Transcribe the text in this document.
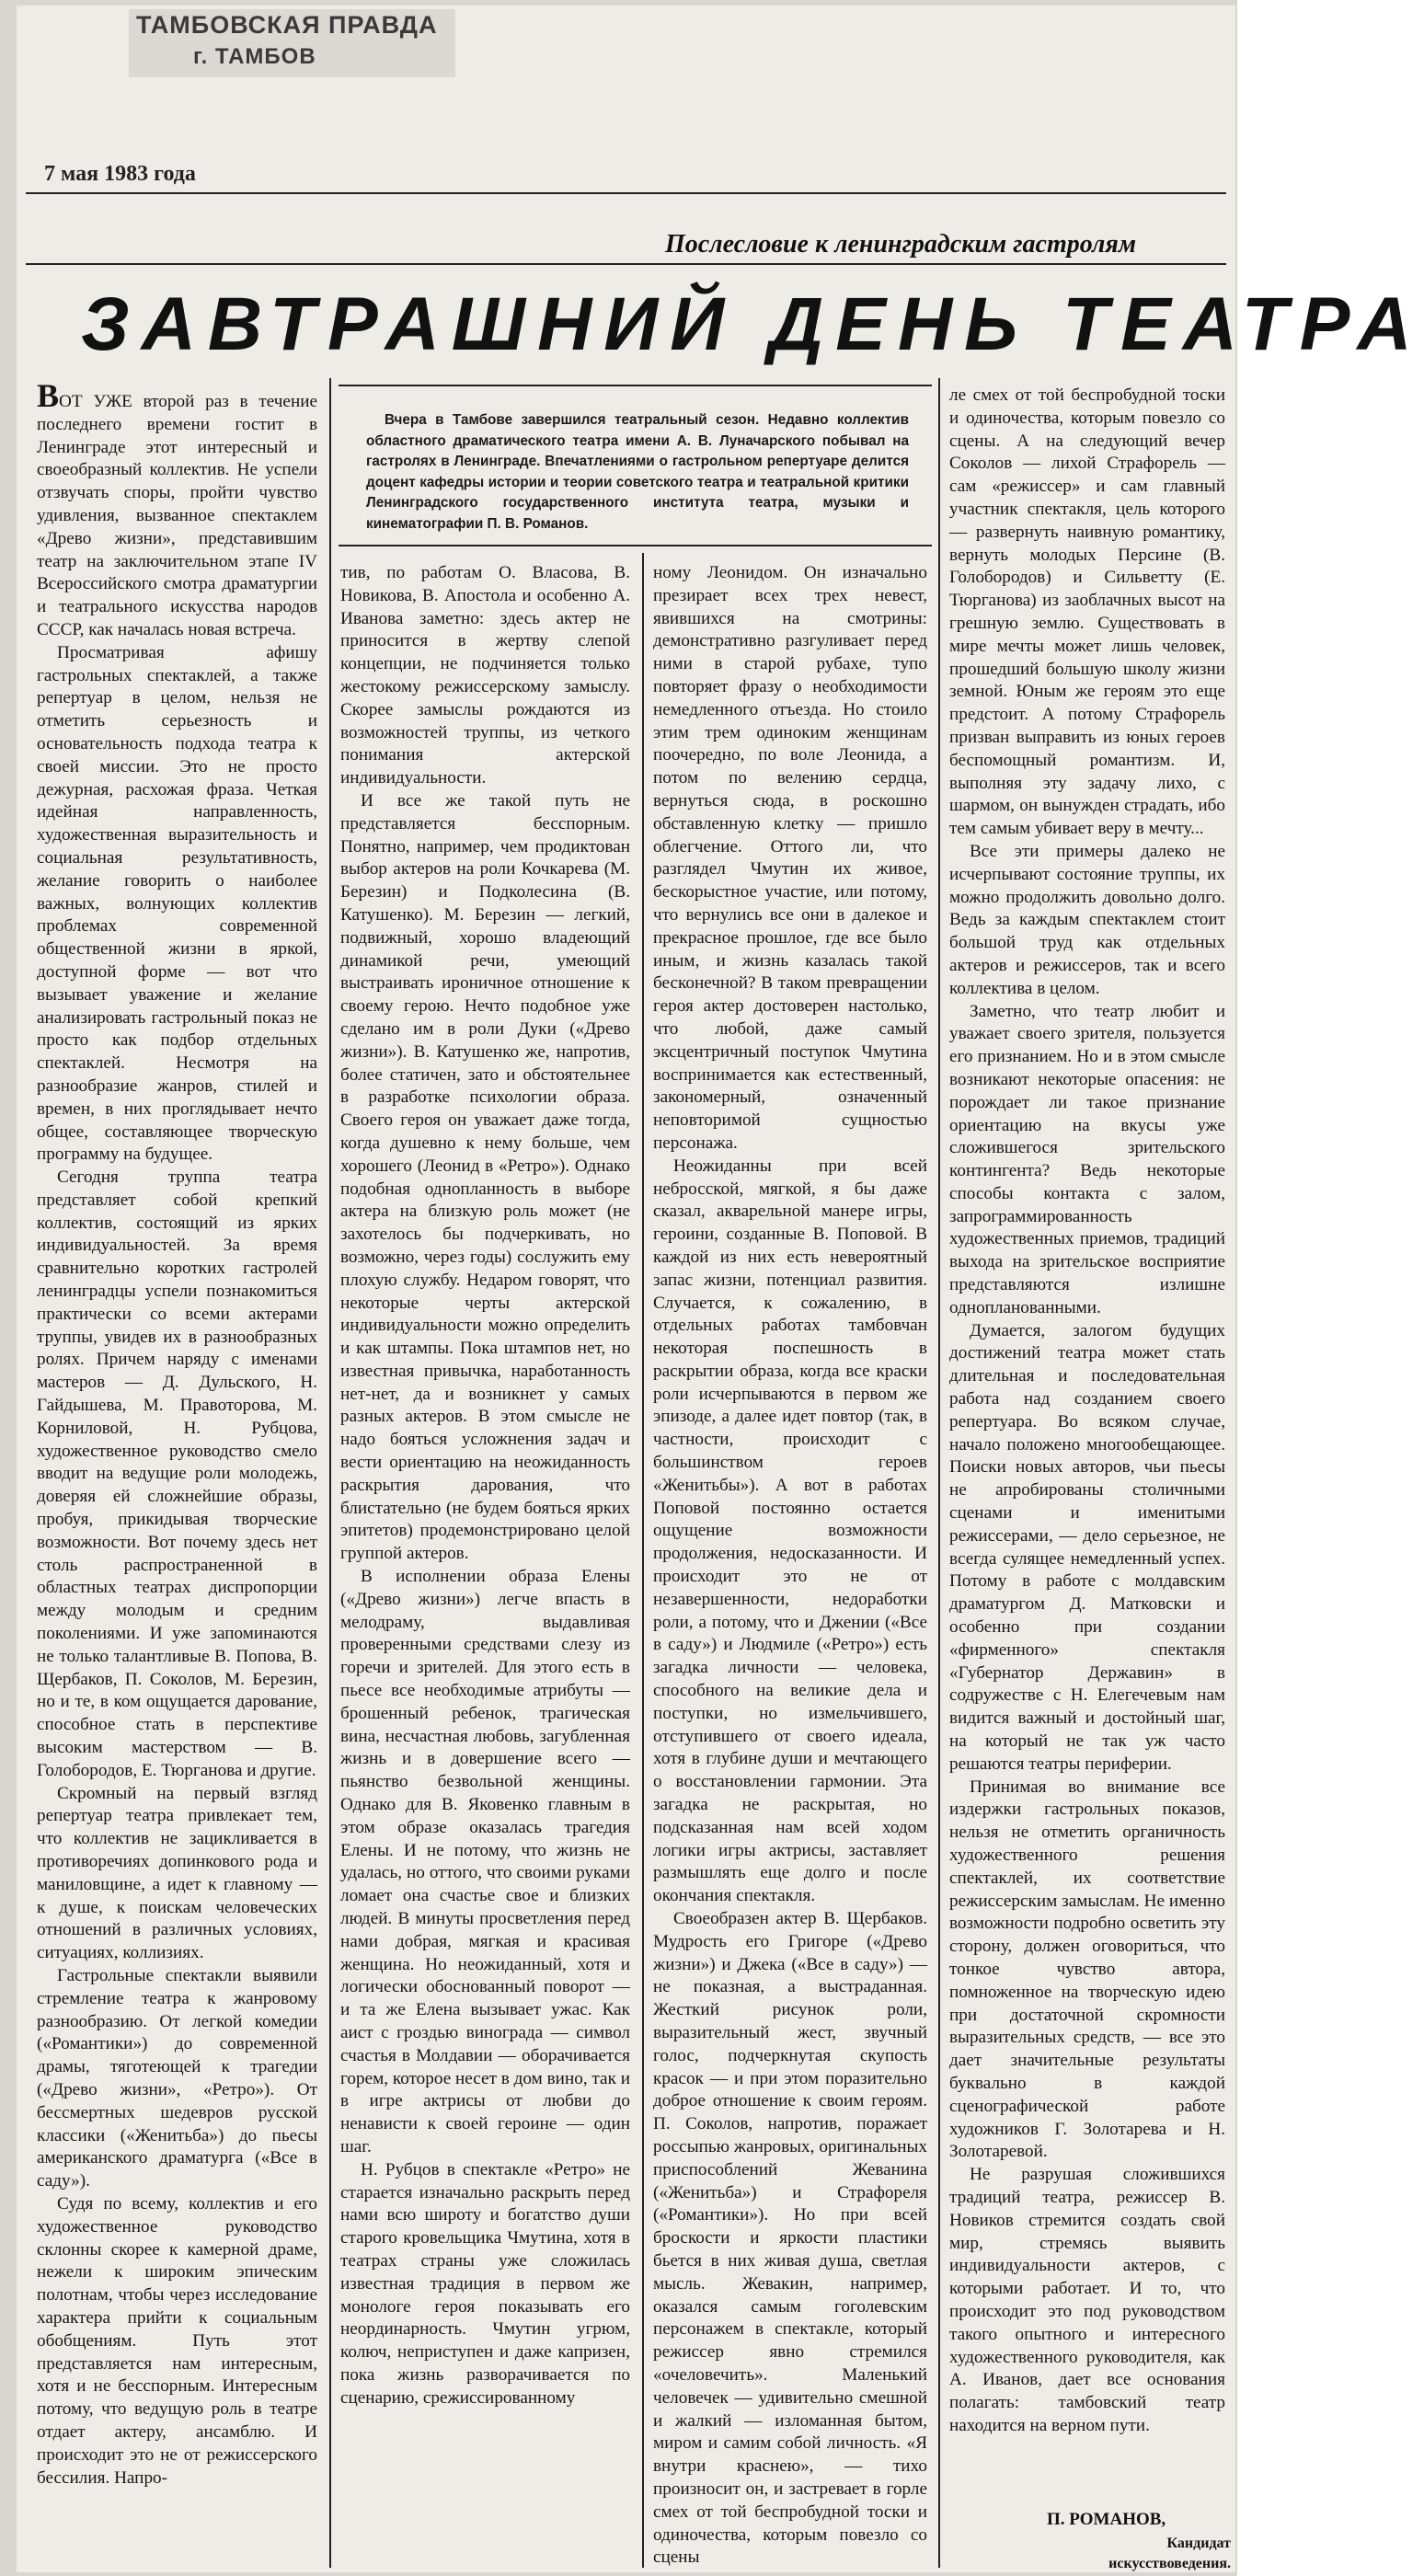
ТАМБОВСКАЯ ПРАВДА
г. ТАМБОВ
7 мая 1983 года
Послесловие к ленинградским гастролям
ЗАВТРАШНИЙ ДЕНЬ ТЕАТРА

Вчера в Тамбове завершился театральный сезон. Недавно коллектив областного драматического театра имени А. В. Луначарского побывал на гастролях в Ленинграде. Впечатлениями о гастрольном репертуаре делится доцент кафедры истории и теории советского театра и театральной критики Ленинградского государственного института театра, музыки и кинематографии П. В. Романов.

ВОТ УЖЕ второй раз в течение последнего времени гостит в Ленинграде этот интересный и своеобразный коллектив. Не успели отзвучать споры, пройти чувство удивления, вызванное спектаклем «Древо жизни», представившим театр на заключительном этапе IV Всероссийского смотра драматургии и театрального искусства народов СССР, как началась новая встреча.

Просматривая афишу гастрольных спектаклей, а также репертуар в целом, нельзя не отметить серьезность и основательность подхода театра к своей миссии. Это не просто дежурная, расхожая фраза. Четкая идейная направленность, художественная выразительность и социальная результативность, желание говорить о наиболее важных, волнующих коллектив проблемах современной общественной жизни в яркой, доступной форме — вот что вызывает уважение и желание анализировать гастрольный показ не просто как подбор отдельных спектаклей. Несмотря на разнообразие жанров, стилей и времен, в них проглядывает нечто общее, составляющее творческую программу на будущее.

Сегодня труппа театра представляет собой крепкий коллектив, состоящий из ярких индивидуальностей. За время сравнительно коротких гастролей ленинградцы успели познакомиться практически со всеми актерами труппы, увидев их в разнообразных ролях. Причем наряду с именами мастеров — Д. Дульского, Н. Гайдышева, М. Правоторова, М. Корниловой, Н. Рубцова, художественное руководство смело вводит на ведущие роли молодежь, доверяя ей сложнейшие образы, пробуя, прикидывая творческие возможности. Вот почему здесь нет столь распространенной в областных театрах диспропорции между молодым и средним поколениями. И уже запоминаются не только талантливые В. Попова, В. Щербаков, П. Соколов, М. Березин, но и те, в ком ощущается дарование, способное стать в перспективе высоким мастерством — В. Голобородов, Е. Тюрганова и другие.

Скромный на первый взгляд репертуар театра привлекает тем, что коллектив не зацикливается в противоречиях допинкового рода и маниловщине, а идет к главному — к душе, к поискам человеческих отношений в различных условиях, ситуациях, коллизиях.

Гастрольные спектакли выявили стремление театра к жанровому разнообразию. От легкой комедии («Романтики») до современной драмы, тяготеющей к трагедии («Древо жизни», «Ретро»). От бессмертных шедевров русской классики («Женитьба») до пьесы американского драматурга («Все в саду»).

Судя по всему, коллектив и его художественное руководство склонны скорее к камерной драме, нежели к широким эпическим полотнам, чтобы через исследование характера прийти к социальным обобщениям. Путь этот представляется нам интересным, хотя и не бесспорным. Интересным потому, что ведущую роль в театре отдает актеру, ансамблю. И происходит это не от режиссерского бессилия. Напро-

тив, по работам О. Власова, В. Новикова, В. Апостола и особенно А. Иванова заметно: здесь актер не приносится в жертву слепой концепции, не подчиняется только жестокому режиссерскому замыслу. Скорее замыслы рождаются из возможностей труппы, из четкого понимания актерской индивидуальности.

И все же такой путь не представляется бесспорным. Понятно, например, чем продиктован выбор актеров на роли Кочкарева (М. Березин) и Подколесина (В. Катушенко). М. Березин — легкий, подвижный, хорошо владеющий динамикой речи, умеющий выстраивать ироничное отношение к своему герою. Нечто подобное уже сделано им в роли Дуки («Древо жизни»). В. Катушенко же, напротив, более статичен, зато и обстоятельнее в разработке психологии образа. Своего героя он уважает даже тогда, когда душевно к нему больше, чем хорошего (Леонид в «Ретро»). Однако подобная однопланность в выборе актера на близкую роль может (не захотелось бы подчеркивать, но возможно, через годы) сослужить ему плохую службу. Недаром говорят, что некоторые черты актерской индивидуальности можно определить и как штампы. Пока штампов нет, но известная привычка, наработанность нет-нет, да и возникнет у самых разных актеров. В этом смысле не надо бояться усложнения задач и вести ориентацию на неожиданность раскрытия дарования, что блистательно (не будем бояться ярких эпитетов) продемонстрировано целой группой актеров.

В исполнении образа Елены («Древо жизни») легче впасть в мелодраму, выдавливая проверенными средствами слезу из горечи и зрителей. Для этого есть в пьесе все необходимые атрибуты — брошенный ребенок, трагическая вина, несчастная любовь, загубленная жизнь и в довершение всего — пьянство безвольной женщины. Однако для В. Яковенко главным в этом образе оказалась трагедия Елены. И не потому, что жизнь не удалась, но оттого, что своими руками ломает она счастье свое и близких людей. В минуты просветления перед нами добрая, мягкая и красивая женщина. Но неожиданный, хотя и логически обоснованный поворот — и та же Елена вызывает ужас. Как аист с гроздью винограда — символ счастья в Молдавии — оборачивается горем, которое несет в дом вино, так и в игре актрисы от любви до ненависти к своей героине — один шаг.

Н. Рубцов в спектакле «Ретро» не старается изначально раскрыть перед нами всю широту и богатство души старого кровельщика Чмутина, хотя в театрах страны уже сложилась известная традиция в первом же монологе героя показывать его неординарность. Чмутин угрюм, колюч, неприступен и даже капризен, пока жизнь разворачивается по сценарию, срежиссированному

ному Леонидом. Он изначально презирает всех трех невест, явившихся на смотрины: демонстративно разгуливает перед ними в старой рубахе, тупо повторяет фразу о необходимости немедленного отъезда. Но стоило этим трем одиноким женщинам поочередно, по воле Леонида, а потом по велению сердца, вернуться сюда, в роскошно обставленную клетку — пришло облегчение. Оттого ли, что разглядел Чмутин их живое, бескорыстное участие, или потому, что вернулись все они в далекое и прекрасное прошлое, где все было иным, и жизнь казалась такой бесконечной? В таком превращении героя актер достоверен настолько, что любой, даже самый эксцентричный поступок Чмутина воспринимается как естественный, закономерный, означенный неповторимой сущностью персонажа.

Неожиданны при всей небросской, мягкой, я бы даже сказал, акварельной манере игры, героини, созданные В. Поповой. В каждой из них есть невероятный запас жизни, потенциал развития. Случается, к сожалению, в отдельных работах тамбовчан некоторая поспешность в раскрытии образа, когда все краски роли исчерпываются в первом же эпизоде, а далее идет повтор (так, в частности, происходит с большинством героев «Женитьбы»). А вот в работах Поповой постоянно остается ощущение возможности продолжения, недосказанности. И происходит это не от незавершенности, недоработки роли, а потому, что и Джении («Все в саду») и Людмиле («Ретро») есть загадка личности — человека, способного на великие дела и поступки, но измельчившего, отступившего от своего идеала, хотя в глубине души и мечтающего о восстановлении гармонии. Эта загадка не раскрытая, но подсказанная нам всей ходом логики игры актрисы, заставляет размышлять еще долго и после окончания спектакля.

Своеобразен актер В. Щербаков. Мудрость его Григоре («Древо жизни») и Джека («Все в саду») — не показная, а выстраданная. Жесткий рисунок роли, выразительный жест, звучный голос, подчеркнутая скупость красок — и при этом поразительно доброе отношение к своим героям. П. Соколов, напротив, поражает россыпью жанровых, оригинальных приспособлений Жеванина («Женитьба») и Страфореля («Романтики»). Но при всей броскости и яркости пластики бьется в них живая душа, светлая мысль. Жевакин, например, оказался самым гоголевским персонажем в спектакле, который режиссер явно стремился «очеловечить». Маленький человечек — удивительно смешной и жалкий — изломанная бытом, миром и самим собой личность. «Я внутри краснею», — тихо произносит он, и застревает в горле смех от той беспробудной тоски и одиночества, которым повезло со сцены

ле смех от той беспробудной тоски и одиночества, которым повезло со сцены. А на следующий вечер Соколов — лихой Страфорель — сам «режиссер» и сам главный участник спектакля, цель которого — развернуть наивную романтику, вернуть молодых Персине (В. Голобородов) и Сильветту (Е. Тюрганова) из заоблачных высот на грешную землю. Существовать в мире мечты может лишь человек, прошедший большую школу жизни земной. Юным же героям это еще предстоит. А потому Страфорель призван выправить из юных героев беспомощный романтизм. И, выполняя эту задачу лихо, с шармом, он вынужден страдать, ибо тем самым убивает веру в мечту...

Все эти примеры далеко не исчерпывают состояние труппы, их можно продолжить довольно долго. Ведь за каждым спектаклем стоит большой труд как отдельных актеров и режиссеров, так и всего коллектива в целом.

Заметно, что театр любит и уважает своего зрителя, пользуется его признанием. Но и в этом смысле возникают некоторые опасения: не порождает ли такое признание ориентацию на вкусы уже сложившегося зрительского контингента? Ведь некоторые способы контакта с залом, запрограммированность художественных приемов, традиций выхода на зрительское восприятие представляются излишне однопланованными.

Думается, залогом будущих достижений театра может стать длительная и последовательная работа над созданием своего репертуара. Во всяком случае, начало положено многообещающее. Поиски новых авторов, чьи пьесы не апробированы столичными сценами и именитыми режиссерами, — дело серьезное, не всегда сулящее немедленный успех. Потому в работе с молдавским драматургом Д. Матковски и особенно при создании «фирменного» спектакля «Губернатор Державин» в содружестве с Н. Елегечевым нам видится важный и достойный шаг, на который не так уж часто решаются театры периферии.

Принимая во внимание все издержки гастрольных показов, нельзя не отметить органичность художественного решения спектаклей, их соответствие режиссерским замыслам. Не именно возможности подробно осветить эту сторону, должен оговориться, что тонкое чувство автора, помноженное на творческую идею при достаточной скромности выразительных средств, — все это дает значительные результаты буквально в каждой сценографической работе художников Г. Золотарева и Н. Золотаревой.

Не разрушая сложившихся традиций театра, режиссер В. Новиков стремится создать свой мир, стремясь выявить индивидуальности актеров, с которыми работает. И то, что происходит это под руководством такого опытного и интересного художественного руководителя, как А. Иванов, дает все основания полагать: тамбовский театр находится на верном пути.

П. РОМАНОВ,
Кандидат искусствоведения.
